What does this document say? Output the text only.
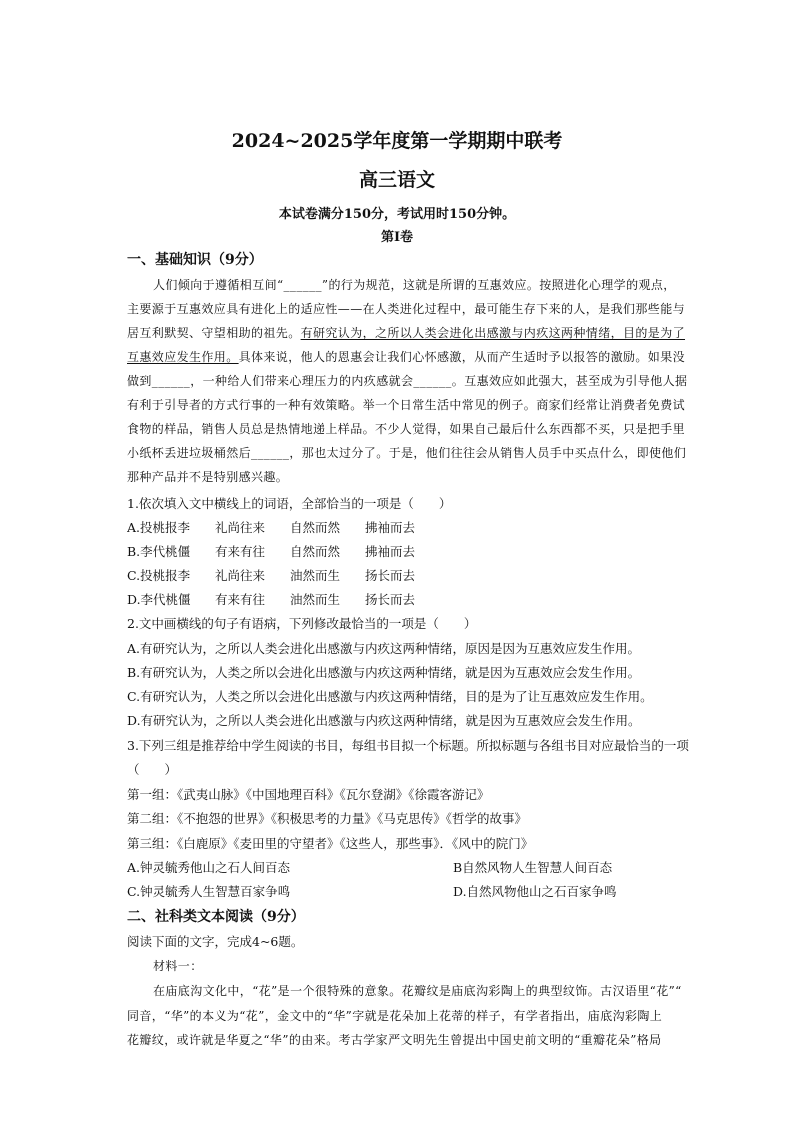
2024~2025学年度第一学期期中联考
高三语文
本试卷满分150分，考试用时150分钟。
第Ⅰ卷
一、基础知识（9分）
人们倾向于遵循相互间“______”的行为规范，这就是所谓的互惠效应。按照进化心理学的观点，
主要源于互惠效应具有进化上的适应性——在人类进化过程中，最可能生存下来的人，是我们那些能与
居互利默契、守望相助的祖先。有研究认为，之所以人类会进化出感激与内疚这两种情绪，目的是为了
互惠效应发生作用。具体来说，他人的恩惠会让我们心怀感激，从而产生适时予以报答的激励。如果没
做到______，一种给人们带来心理压力的内疚感就会______。互惠效应如此强大，甚至成为引导他人据
有利于引导者的方式行事的一种有效策略。举一个日常生活中常见的例子。商家们经常让消费者免费试
食物的样品，销售人员总是热情地递上样品。不少人觉得，如果自己最后什么东西都不买，只是把手里
小纸杯丢进垃圾桶然后______，那也太过分了。于是，他们往往会从销售人员手中买点什么，即使他们
那种产品并不是特别感兴趣。
1.依次填入文中横线上的词语，全部恰当的一项是（　　）
A.投桃报李 礼尚往来 自然而然 拂袖而去
B.李代桃僵 有来有往 自然而然 拂袖而去
C.投桃报李 礼尚往来 油然而生 扬长而去
D.李代桃僵 有来有往 油然而生 扬长而去
2.文中画横线的句子有语病，下列修改最恰当的一项是（　　）
A.有研究认为，之所以人类会进化出感激与内疚这两种情绪，原因是因为互惠效应发生作用。
B.有研究认为，人类之所以会进化出感激与内疚这两种情绪，就是因为互惠效应会发生作用。
C.有研究认为，人类之所以会进化出感激与内疚这两种情绪，目的是为了让互惠效应发生作用。
D.有研究认为，之所以人类会进化出感激与内疚这两种情绪，就是因为互惠效应会发生作用。
3.下列三组是推荐给中学生阅读的书目，每组书目拟一个标题。所拟标题与各组书目对应最恰当的一项
（　　）
第一组：《武夷山脉》《中国地理百科》《瓦尔登湖》《徐霞客游记》
第二组：《不抱怨的世界》《积极思考的力量》《马克思传》《哲学的故事》
第三组：《白鹿原》《麦田里的守望者》《这些人，那些事》．《风中的院门》
A.钟灵毓秀他山之石人间百态	B自然风物人生智慧人间百态
C.钟灵毓秀人生智慧百家争鸣	D.自然风物他山之石百家争鸣
二、社科类文本阅读（9分）
阅读下面的文字，完成4~6题。
材料一：
在庙底沟文化中，“花”是一个很特殊的意象。花瓣纹是庙底沟彩陶上的典型纹饰。古汉语里“花”“
同音，“华”的本义为“花”，金文中的“华”字就是花朵加上花蒂的样子，有学者指出，庙底沟彩陶上
花瓣纹，或许就是华夏之“华”的由来。考古学家严文明先生曾提出中国史前文明的“重瓣花朵”格局
